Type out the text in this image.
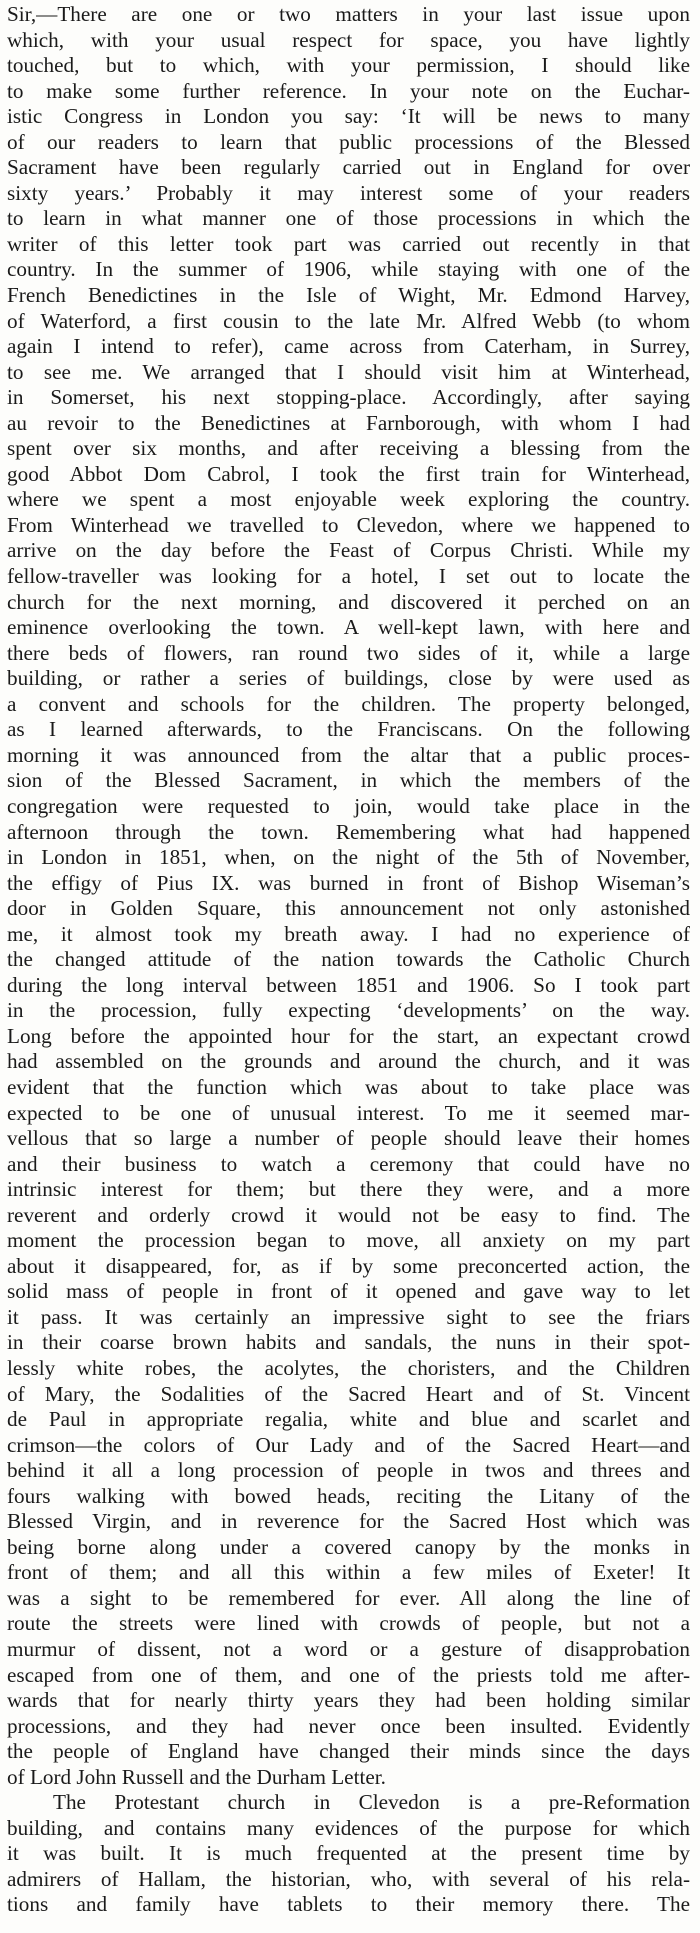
Sir,—There are one or two matters in your last issue upon
which, with your usual respect for space, you have lightly
touched, but to which, with your permission, I should like
to make some further reference. In your note on the Euchar-
istic Congress in London you say: ‘It will be news to many
of our readers to learn that public processions of the Blessed
Sacrament have been regularly carried out in England for over
sixty years.’ Probably it may interest some of your readers
to learn in what manner one of those processions in which the
writer of this letter took part was carried out recently in that
country. In the summer of 1906, while staying with one of the
French Benedictines in the Isle of Wight, Mr. Edmond Harvey,
of Waterford, a first cousin to the late Mr. Alfred Webb (to whom
again I intend to refer), came across from Caterham, in Surrey,
to see me. We arranged that I should visit him at Winterhead,
in Somerset, his next stopping-place. Accordingly, after saying
au revoir to the Benedictines at Farnborough, with whom I had
spent over six months, and after receiving a blessing from the
good Abbot Dom Cabrol, I took the first train for Winterhead,
where we spent a most enjoyable week exploring the country.
From Winterhead we travelled to Clevedon, where we happened to
arrive on the day before the Feast of Corpus Christi. While my
fellow-traveller was looking for a hotel, I set out to locate the
church for the next morning, and discovered it perched on an
eminence overlooking the town. A well-kept lawn, with here and
there beds of flowers, ran round two sides of it, while a large
building, or rather a series of buildings, close by were used as
a convent and schools for the children. The property belonged,
as I learned afterwards, to the Franciscans. On the following
morning it was announced from the altar that a public proces-
sion of the Blessed Sacrament, in which the members of the
congregation were requested to join, would take place in the
afternoon through the town. Remembering what had happened
in London in 1851, when, on the night of the 5th of November,
the effigy of Pius IX. was burned in front of Bishop Wiseman’s
door in Golden Square, this announcement not only astonished
me, it almost took my breath away. I had no experience of
the changed attitude of the nation towards the Catholic Church
during the long interval between 1851 and 1906. So I took part
in the procession, fully expecting ‘developments’ on the way.
Long before the appointed hour for the start, an expectant crowd
had assembled on the grounds and around the church, and it was
evident that the function which was about to take place was
expected to be one of unusual interest. To me it seemed mar-
vellous that so large a number of people should leave their homes
and their business to watch a ceremony that could have no
intrinsic interest for them; but there they were, and a more
reverent and orderly crowd it would not be easy to find. The
moment the procession began to move, all anxiety on my part
about it disappeared, for, as if by some preconcerted action, the
solid mass of people in front of it opened and gave way to let
it pass. It was certainly an impressive sight to see the friars
in their coarse brown habits and sandals, the nuns in their spot-
lessly white robes, the acolytes, the choristers, and the Children
of Mary, the Sodalities of the Sacred Heart and of St. Vincent
de Paul in appropriate regalia, white and blue and scarlet and
crimson—the colors of Our Lady and of the Sacred Heart—and
behind it all a long procession of people in twos and threes and
fours walking with bowed heads, reciting the Litany of the
Blessed Virgin, and in reverence for the Sacred Host which was
being borne along under a covered canopy by the monks in
front of them; and all this within a few miles of Exeter! It
was a sight to be remembered for ever. All along the line of
route the streets were lined with crowds of people, but not a
murmur of dissent, not a word or a gesture of disapprobation
escaped from one of them, and one of the priests told me after-
wards that for nearly thirty years they had been holding similar
processions, and they had never once been insulted. Evidently
the people of England have changed their minds since the days
of Lord John Russell and the Durham Letter.
The Protestant church in Clevedon is a pre-Reformation
building, and contains many evidences of the purpose for which
it was built. It is much frequented at the present time by
admirers of Hallam, the historian, who, with several of his rela-
tions and family have tablets to their memory there. The
